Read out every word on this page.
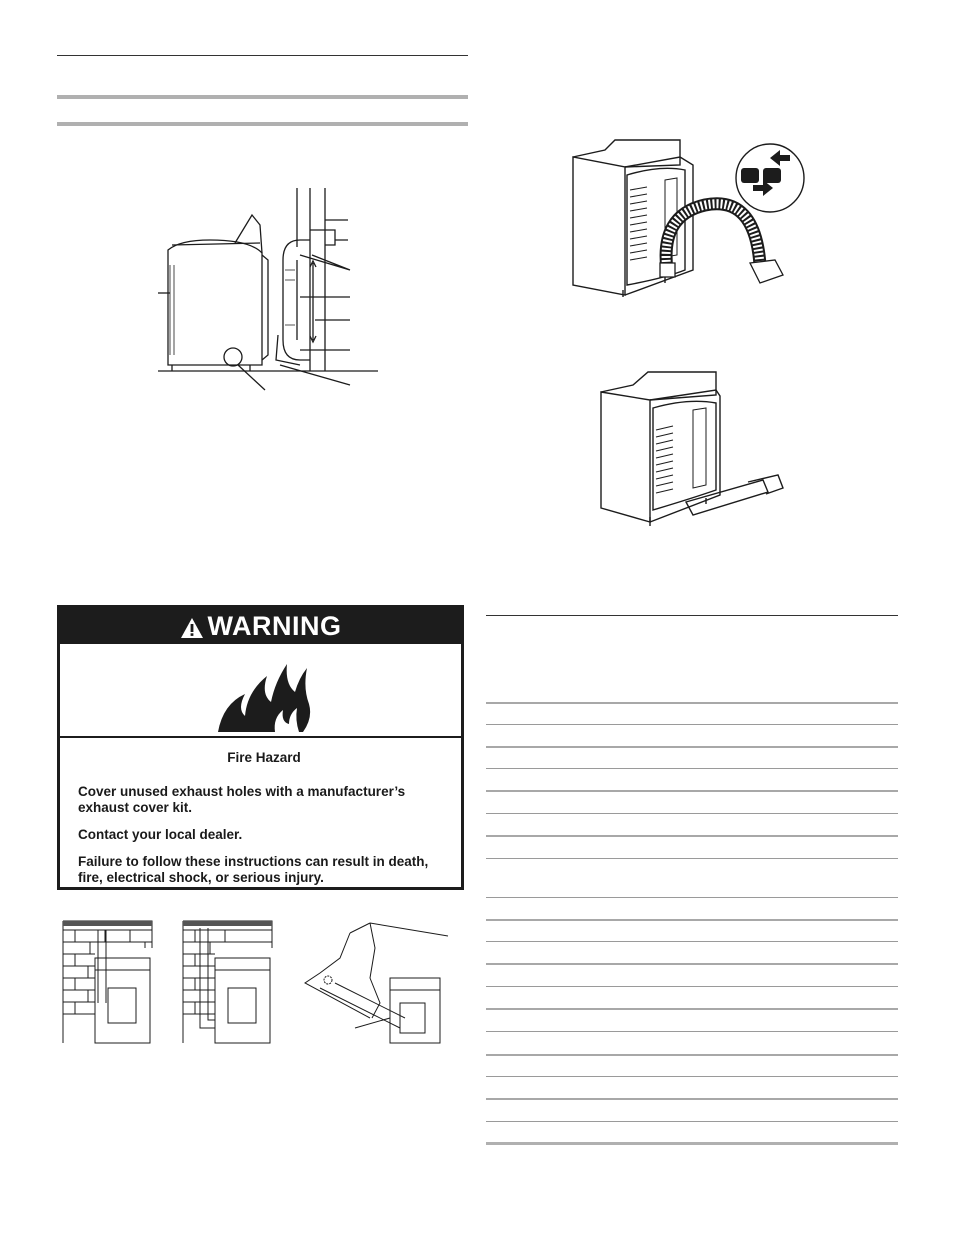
WARNING

Fire Hazard

Cover unused exhaust holes with a manufacturer’s exhaust cover kit.

Contact your local dealer.

Failure to follow these instructions can result in death, fire, electrical shock, or serious injury.
